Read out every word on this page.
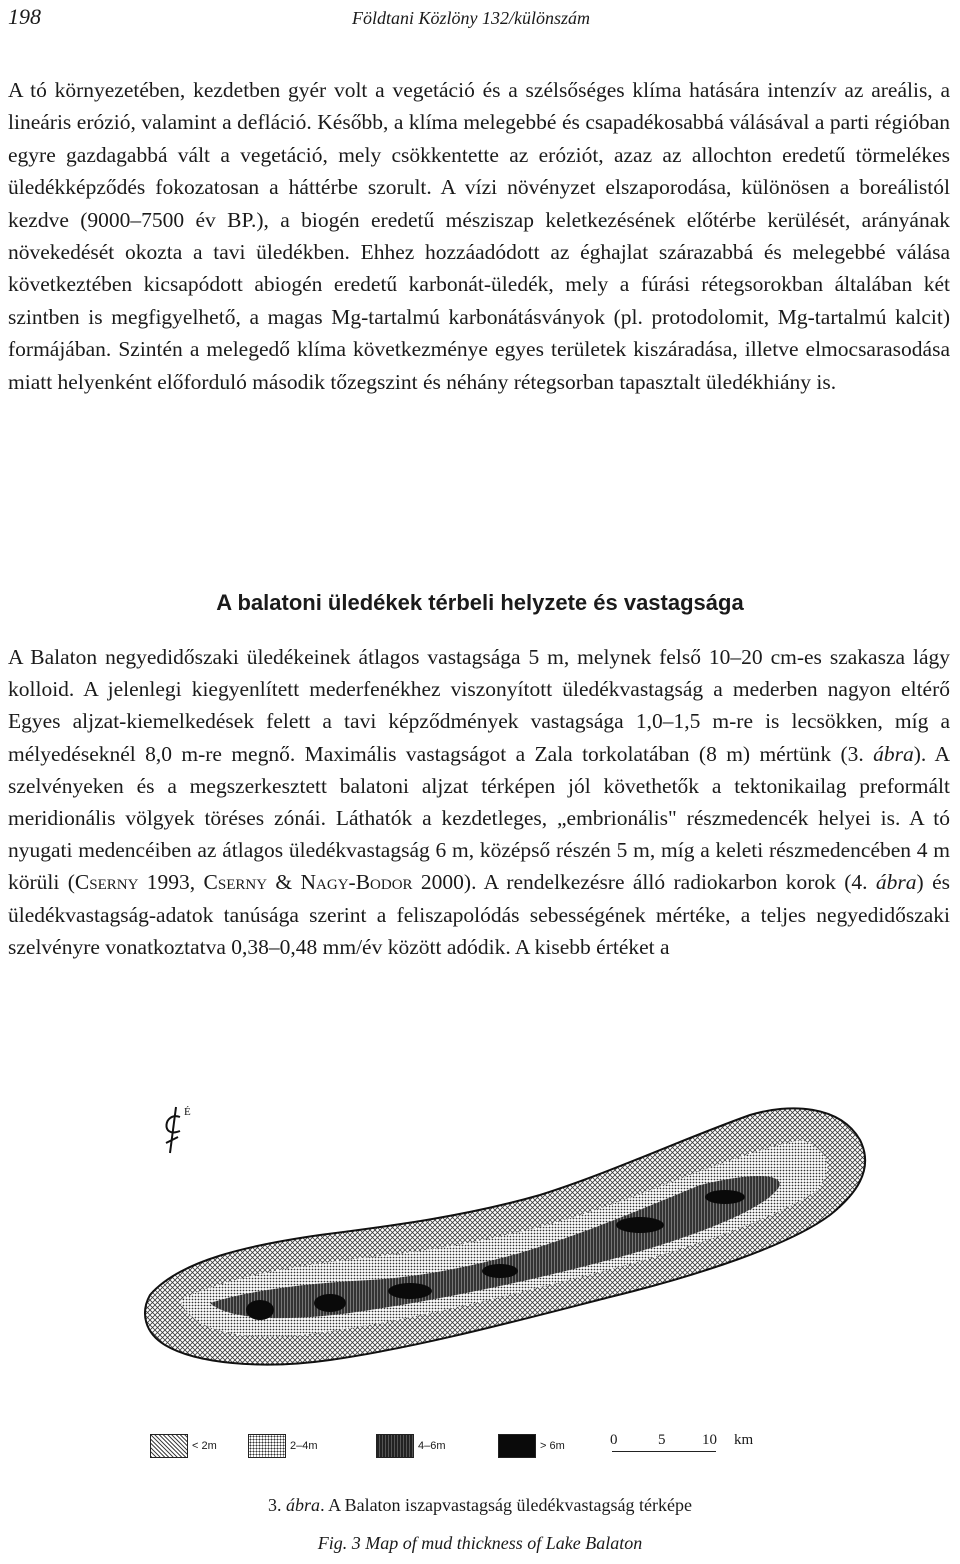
198	Földtani Közlöny 132/különszám

A tó környezetében, kezdetben gyér volt a vegetáció és a szélsőséges klíma hatására intenzív az areális, a lineáris erózió, valamint a defláció. Később, a klíma melegebbé és csapadékosabbá válásával a parti régióban egyre gazdagabbá vált a vegetáció, mely csökkentette az eróziót, azaz az allochton eredetű törmelékes üledékképződés fokozatosan a háttérbe szorult. A vízi növényzet elszaporodása, különösen a boreálistól kezdve (9000–7500 év BP.), a biogén eredetű mésziszap keletkezésének előtérbe kerülését, arányának növekedését okozta a tavi üledékben. Ehhez hozzáadódott az éghajlat szárazabbá és melegebbé válása következtében kicsapódott abiogén eredetű karbonát-üledék, mely a fúrási rétegsorokban általában két szintben is megfigyelhető, a magas Mg-tartalmú karbonátásványok (pl. protodolomit, Mg-tartalmú kalcit) formájában. Szintén a melegedő klíma következménye egyes területek kiszáradása, illetve elmocsarasodása miatt helyenként előforduló második tőzegszint és néhány rétegsorban tapasztalt üledékhiány is.

A balatoni üledékek térbeli helyzete és vastagsága

A Balaton negyedidőszaki üledékeinek átlagos vastagsága 5 m, melynek felső 10–20 cm-es szakasza lágy kolloid. A jelenlegi kiegyenlített mederfenékhez viszonyított üledékvastagság a mederben nagyon eltérő Egyes aljzat-kiemelkedések felett a tavi képződmények vastagsága 1,0–1,5 m-re is lecsökken, míg a mélyedéseknél 8,0 m-re megnő. Maximális vastagságot a Zala torkolatában (8 m) mértünk (3. ábra). A szelvényeken és a megszerkesztett balatoni aljzat térképen jól követhetők a tektonikailag preformált meridionális völgyek töréses zónái. Láthatók a kezdetleges, „embrionális" részmedencék helyei is. A tó nyugati medencéiben az átlagos üledékvastagság 6 m, középső részén 5 m, míg a keleti részmedencében 4 m körüli (Cserny 1993, Cserny & Nagy-Bodor 2000). A rendelkezésre álló radiokarbon korok (4. ábra) és üledékvastagság-adatok tanúsága szerint a feliszapolódás sebességének mértéke, a teljes negyedidőszaki szelvényre vonatkoztatva 0,38–0,48 mm/év között adódik. A kisebb értéket a

É
< 2m	2–4m	4–6m	> 6m	0	5 10 km
3. ábra. A Balaton iszapvastagság üledékvastagság térképe
Fig. 3 Map of mud thickness of Lake Balaton
